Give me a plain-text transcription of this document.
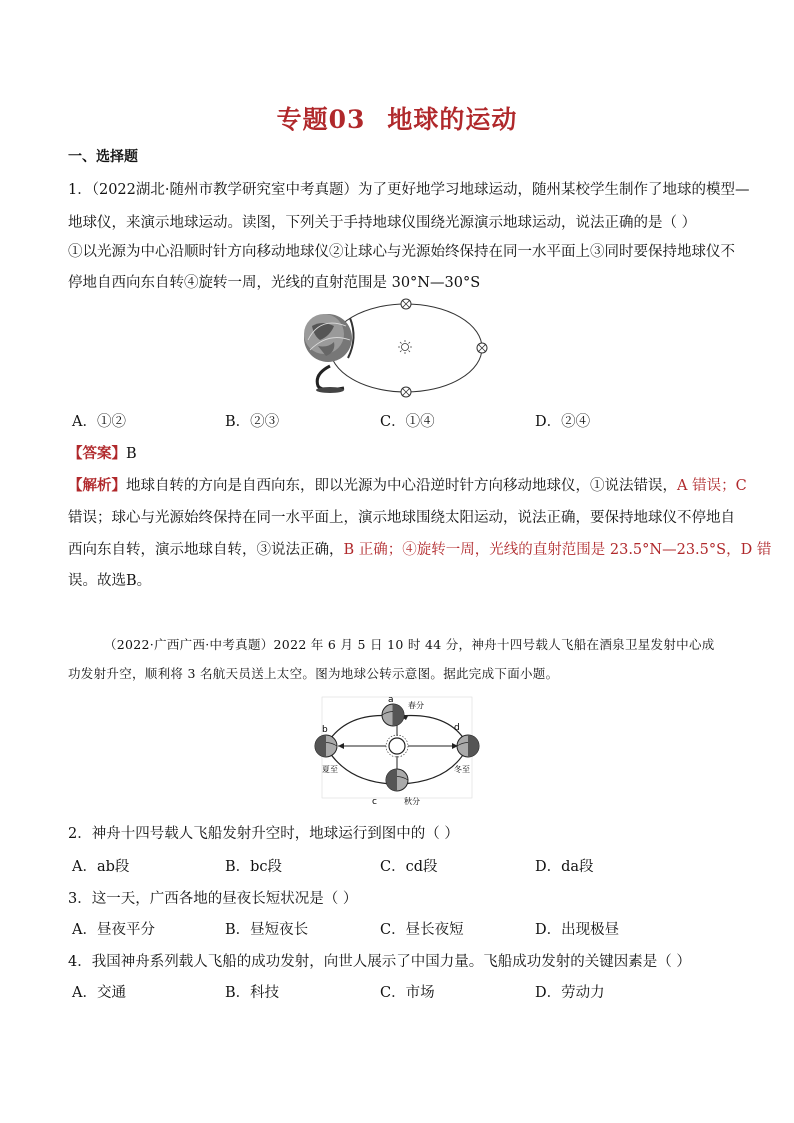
专题03 地球的运动
一、选择题
1．（2022湖北·随州市教学研究室中考真题）为了更好地学习地球运动，随州某校学生制作了地球的模型—
地球仪，来演示地球运动。读图，下列关于手持地球仪围绕光源演示地球运动，说法正确的是（ ）
①以光源为中心沿顺时针方向移动地球仪②让球心与光源始终保持在同一水平面上③同时要保持地球仪不
停地自西向东自转④旋转一周，光线的直射范围是 30°N—30°S
A．①②	B．②③	C．①④	D．②④
【答案】B
【解析】地球自转的方向是自西向东，即以光源为中心沿逆时针方向移动地球仪，①说法错误，A 错误；C
错误；球心与光源始终保持在同一水平面上，演示地球围绕太阳运动，说法正确，要保持地球仪不停地自
西向东自转，演示地球自转，③说法正确，B 正确；④旋转一周，光线的直射范围是 23.5°N—23.5°S，D 错
误。故选B。
（2022·广西广西·中考真题）2022 年 6 月 5 日 10 时 44 分，神舟十四号载人飞船在酒泉卫星发射中心成
功发射升空，顺利将 3 名航天员送上太空。图为地球公转示意图。据此完成下面小题。
a
春分
b
夏至
c	秋分
d
冬至
2．神舟十四号载人飞船发射升空时，地球运行到图中的（ ）
A．ab段	B．bc段	C．cd段	D．da段
3．这一天，广西各地的昼夜长短状况是（ ）
A．昼夜平分	B．昼短夜长	C．昼长夜短	D．出现极昼
4．我国神舟系列载人飞船的成功发射，向世人展示了中国力量。飞船成功发射的关键因素是（ ）
A．交通	B．科技	C．市场	D．劳动力
